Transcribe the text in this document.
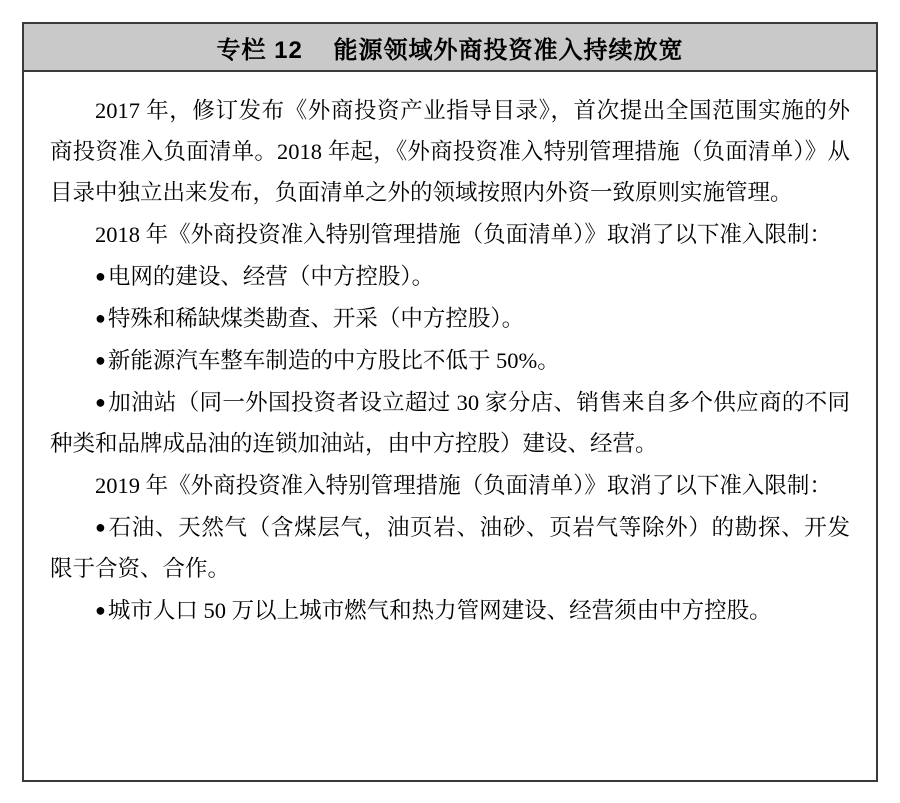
专栏 12    能源领域外商投资准入持续放宽

2017 年，修订发布《外商投资产业指导目录》，首次提出全国范围实施的外商投资准入负面清单。2018 年起，《外商投资准入特别管理措施（负面清单）》从目录中独立出来发布，负面清单之外的领域按照内外资一致原则实施管理。

2018 年《外商投资准入特别管理措施（负面清单）》取消了以下准入限制：

●电网的建设、经营（中方控股）。

●特殊和稀缺煤类勘查、开采（中方控股）。

●新能源汽车整车制造的中方股比不低于 50%。

●加油站（同一外国投资者设立超过 30 家分店、销售来自多个供应商的不同种类和品牌成品油的连锁加油站，由中方控股）建设、经营。

2019 年《外商投资准入特别管理措施（负面清单）》取消了以下准入限制：

●石油、天然气（含煤层气，油页岩、油砂、页岩气等除外）的勘探、开发限于合资、合作。

●城市人口 50 万以上城市燃气和热力管网建设、经营须由中方控股。
